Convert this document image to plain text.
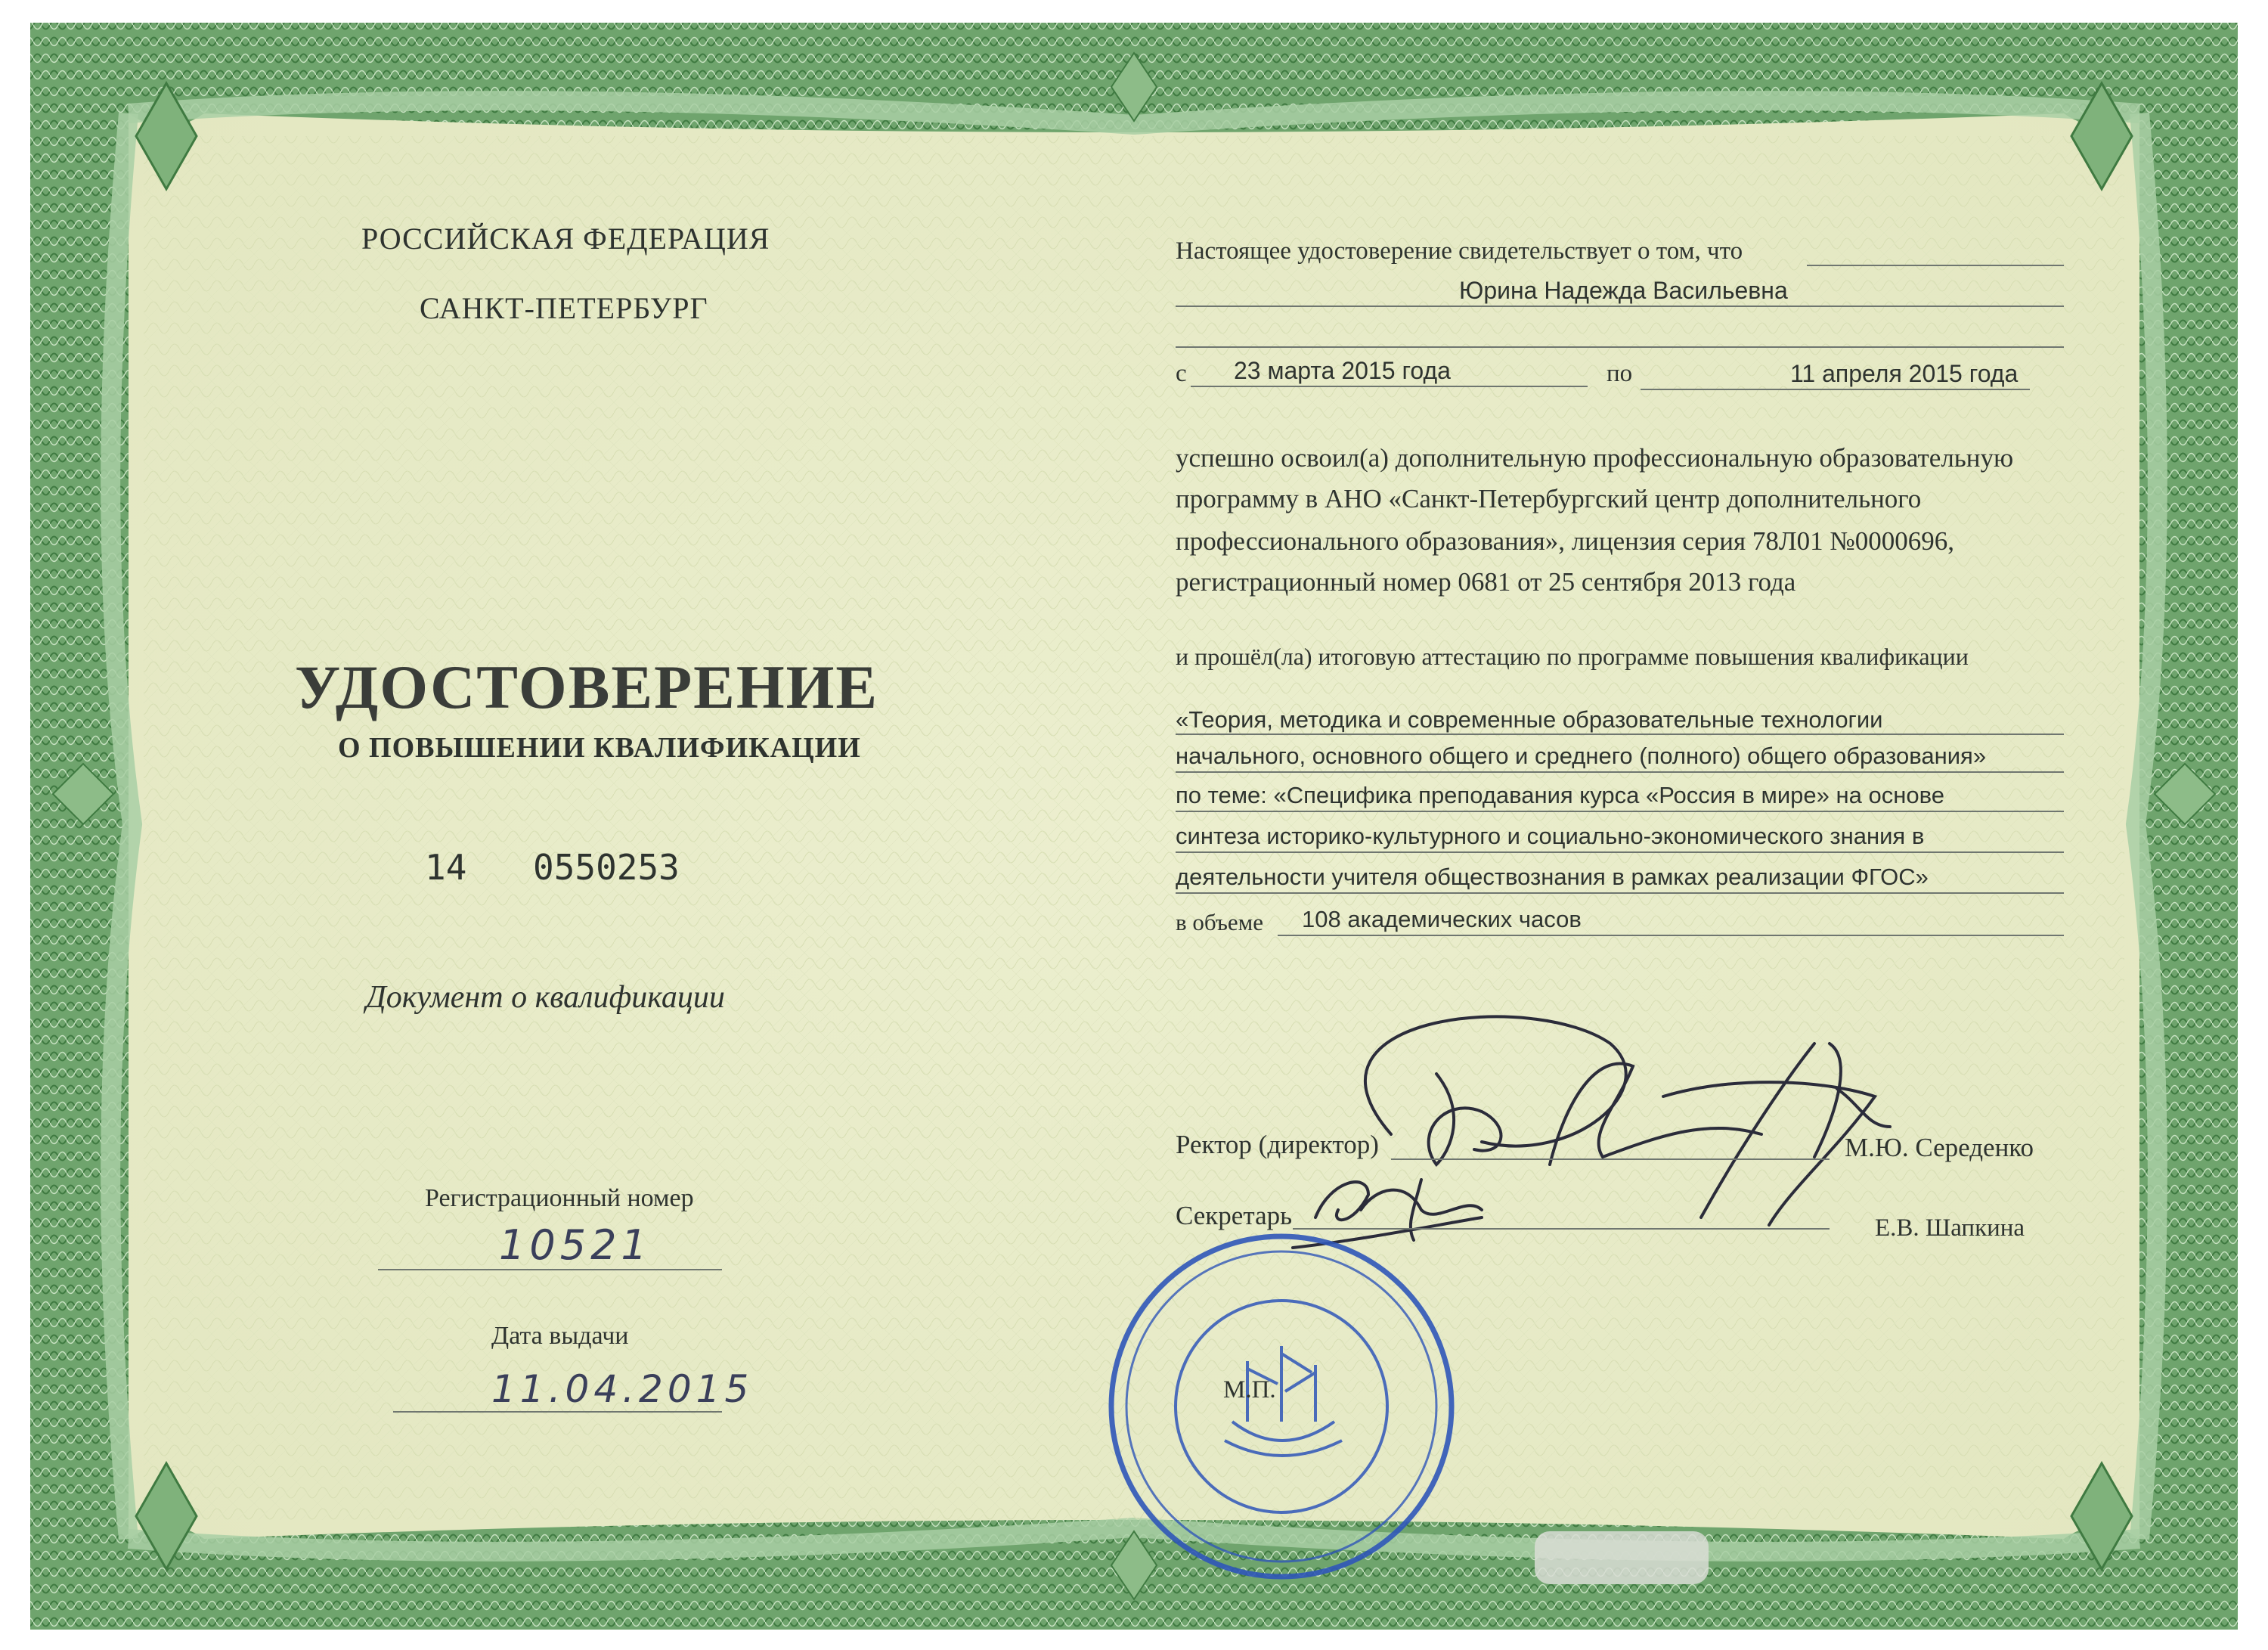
РОССИЙСКАЯ ФЕДЕРАЦИЯ
САНКТ-ПЕТЕРБУРГ
УДОСТОВЕРЕНИЕ
О ПОВЫШЕНИИ КВАЛИФИКАЦИИ
14 0550253
Документ о квалификации
Регистрационный номер
10521
Дата выдачи
11.04.2015
Настоящее удостоверение свидетельствует о том, что
Юрина Надежда Васильевна
с 23 марта 2015 года	по	11 апреля 2015 года
успешно освоил(а) дополнительную профессиональную образовательную
программу в АНО «Санкт-Петербургский центр дополнительного
профессионального образования», лицензия серия 78Л01 №0000696,
регистрационный номер 0681 от 25 сентября 2013 года
и прошёл(ла) итоговую аттестацию по программе повышения квалификации
«Теория, методика и современные образовательные технологии
начального, основного общего и среднего (полного) общего образования»
по теме: «Специфика преподавания курса «Россия в мире» на основе
синтеза историко-культурного и социально-экономического знания в
деятельности учителя обществознания в рамках реализации ФГОС»
в объеме 108 академических часов
Ректор (директор)	М.Ю. Середенко
Секретарь	Е.В. Шапкина
М.П.
